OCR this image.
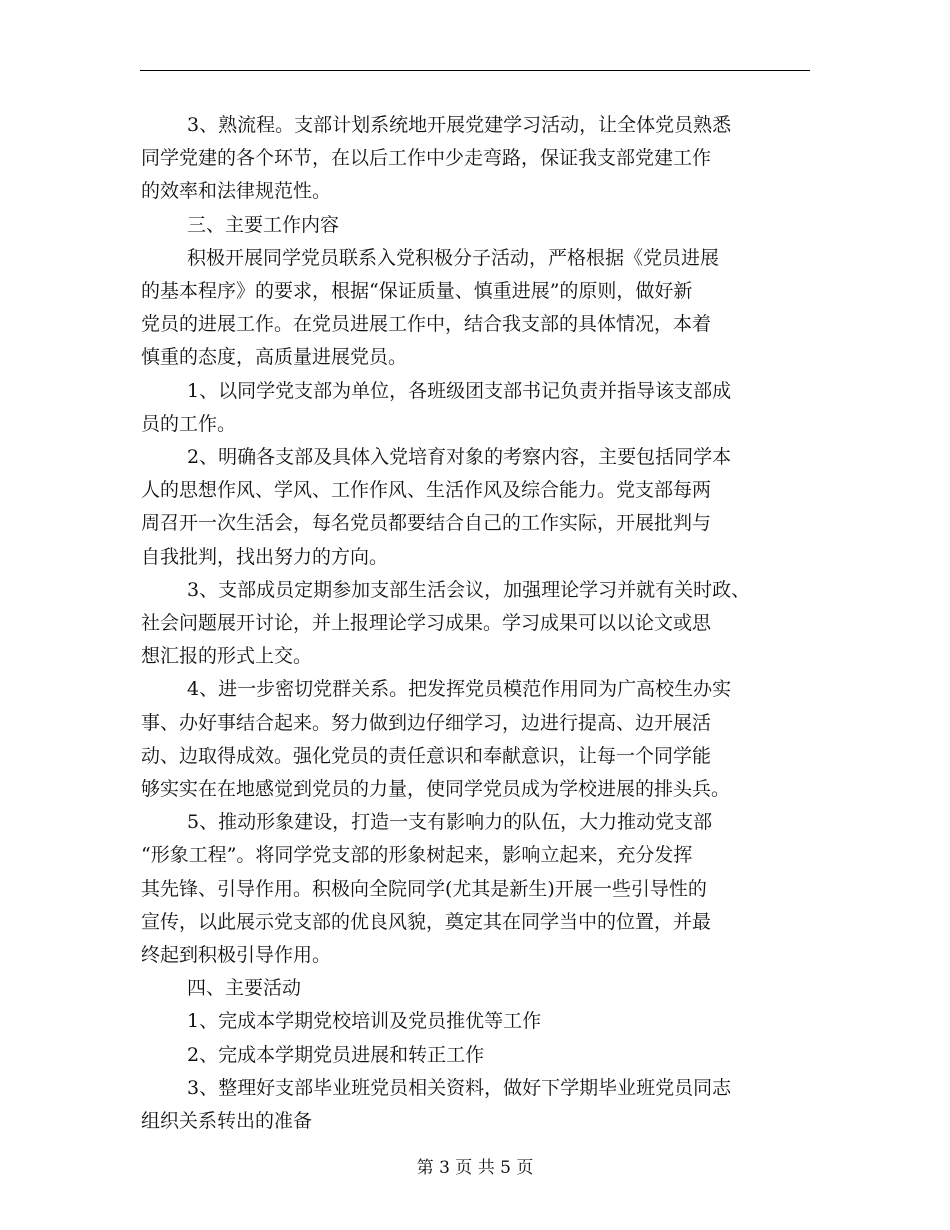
3、熟流程。支部计划系统地开展党建学习活动，让全体党员熟悉
同学党建的各个环节，在以后工作中少走弯路，保证我支部党建工作
的效率和法律规范性。
三、主要工作内容
积极开展同学党员联系入党积极分子活动，严格根据《党员进展
的基本程序》的要求，根据“保证质量、慎重进展”的原则，做好新
党员的进展工作。在党员进展工作中，结合我支部的具体情况，本着
慎重的态度，高质量进展党员。
1、以同学党支部为单位，各班级团支部书记负责并指导该支部成
员的工作。
2、明确各支部及具体入党培育对象的考察内容，主要包括同学本
人的思想作风、学风、工作作风、生活作风及综合能力。党支部每两
周召开一次生活会，每名党员都要结合自己的工作实际，开展批判与
自我批判，找出努力的方向。
3、支部成员定期参加支部生活会议，加强理论学习并就有关时政、
社会问题展开讨论，并上报理论学习成果。学习成果可以以论文或思
想汇报的形式上交。
4、进一步密切党群关系。把发挥党员模范作用同为广高校生办实
事、办好事结合起来。努力做到边仔细学习，边进行提高、边开展活
动、边取得成效。强化党员的责任意识和奉献意识，让每一个同学能
够实实在在地感觉到党员的力量，使同学党员成为学校进展的排头兵。
5、推动形象建设，打造一支有影响力的队伍，大力推动党支部
“形象工程”。将同学党支部的形象树起来，影响立起来，充分发挥
其先锋、引导作用。积极向全院同学(尤其是新生)开展一些引导性的
宣传，以此展示党支部的优良风貌，奠定其在同学当中的位置，并最
终起到积极引导作用。
四、主要活动
1、完成本学期党校培训及党员推优等工作
2、完成本学期党员进展和转正工作
3、整理好支部毕业班党员相关资料，做好下学期毕业班党员同志
组织关系转出的准备
第 3 页 共 5 页
